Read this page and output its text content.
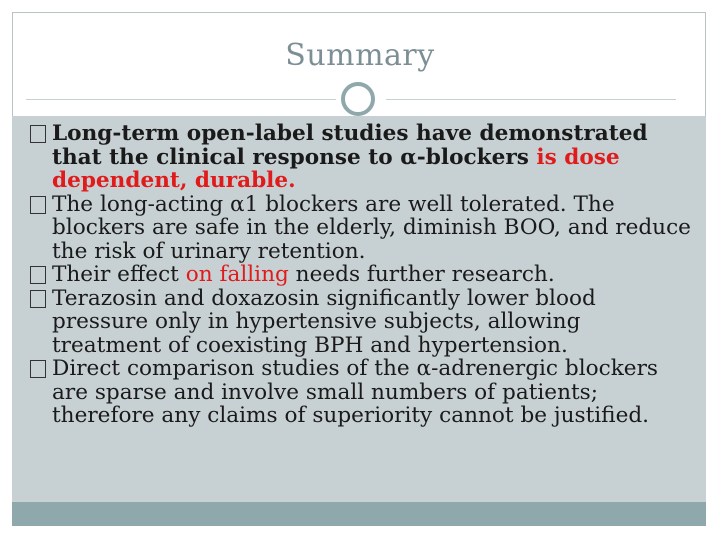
Summary

Long-term open-label studies have demonstrated that the clinical response to α-blockers is dose dependent, durable.

The long-acting α1 blockers are well tolerated. The blockers are safe in the elderly, diminish BOO, and reduce the risk of urinary retention.

Their effect on falling needs further research.

Terazosin and doxazosin significantly lower blood pressure only in hypertensive subjects, allowing treatment of coexisting BPH and hypertension.

Direct comparison studies of the α-adrenergic blockers are sparse and involve small numbers of patients; therefore any claims of superiority cannot be justified.
